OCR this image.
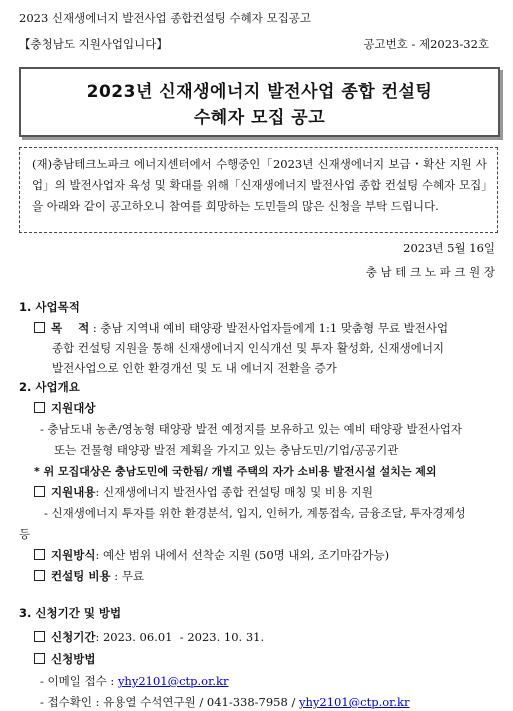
2023 신재생에너지 발전사업 종합컨설팅 수혜자 모집공고
【충청남도 지원사업입니다】	공고번호 - 제2023-32호
2023년 신재생에너지 발전사업 종합 컨설팅
수혜자 모집 공고
(재)충남테크노파크 에너지센터에서 수행중인「2023년 신재생에너지 보급・확산 지원 사업」의 발전사업자 육성 및 확대를 위해「신재생에너지 발전사업 종합 컨설팅 수혜자 모집」을 아래와 같이 공고하오니 참여를 희망하는 도민들의 많은 신청을 부탁 드립니다.
2023년 5월 16일
충 남 테 크 노 파 크 원 장
1. 사업목적
목    적 : 충남 지역내 예비 태양광 발전사업자들에게 1:1 맞춤형 무료 발전사업
종합 컨설팅 지원을 통해 신재생에너지 인식개선 및 투자 활성화, 신재생에너지
발전사업으로 인한 환경개선 및 도 내 에너지 전환을 증가
2. 사업개요
지원대상
- 충남도내 농촌/영농형 태양광 발전 예정지를 보유하고 있는 예비 태양광 발전사업자
또는 건물형 태양광 발전 계획을 가지고 있는 충남도민/기업/공공기관
* 위 모집대상은 충남도민에 국한됨/ 개별 주택의 자가 소비용 발전시설 설치는 제외
지원내용: 신재생에너지 발전사업 종합 컨설팅 매칭 및 비용 지원
- 신재생에너지 투자를 위한 환경분석, 입지, 인허가, 계통접속, 금융조달, 투자경제성
등
지원방식: 예산 범위 내에서 선착순 지원 (50명 내외, 조기마감가능)
컨설팅 비용 : 무료
3. 신청기간 및 방법
신청기간: 2023. 06.01  - 2023. 10. 31.
신청방법
- 이메일 접수 : yhy2101@ctp.or.kr
- 접수확인 : 유용열 수석연구원 / 041-338-7958 / yhy2101@ctp.or.kr
